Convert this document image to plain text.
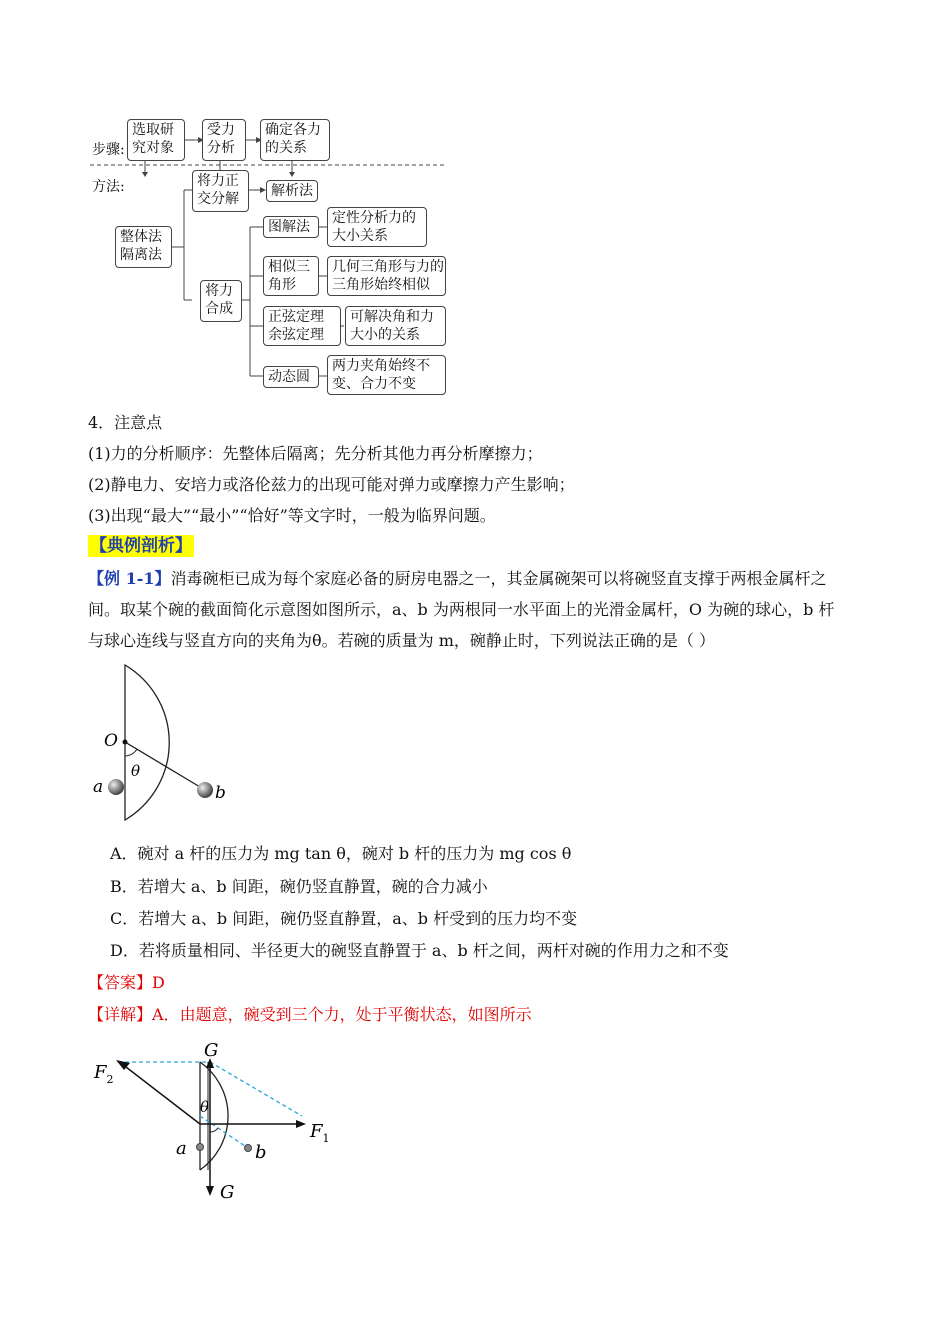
步骤:
方法:
选取研
究对象
受力
分析
确定各力
的关系
整体法
隔离法
将力正
交分解	解析法
将力
合成
图解法
定性分析力的
大小关系
相似三
角形
几何三角形与力的
三角形始终相似
正弦定理
余弦定理
可解决角和力
大小的关系
动态圆
两力夹角始终不
变、合力不变
4．注意点
(1)力的分析顺序：先整体后隔离；先分析其他力再分析摩擦力；
(2)静电力、安培力或洛伦兹力的出现可能对弹力或摩擦力产生影响；
(3)出现“最大”“最小”“恰好”等文字时，一般为临界问题。
【典例剖析】
【例 1-1】消毒碗柜已成为每个家庭必备的厨房电器之一，其金属碗架可以将碗竖直支撑于两根金属杆之
间。取某个碗的截面简化示意图如图所示，a、b 为两根同一水平面上的光滑金属杆，O 为碗的球心，b 杆
与球心连线与竖直方向的夹角为θ。若碗的质量为 m，碗静止时，下列说法正确的是（ ）
O
θ
a	b
A．碗对 a 杆的压力为 mg tan θ，碗对 b 杆的压力为 mg cos θ
B．若增大 a、b 间距，碗仍竖直静置，碗的合力减小
C．若增大 a、b 间距，碗仍竖直静置，a、b 杆受到的压力均不变
D．若将质量相同、半径更大的碗竖直静置于 a、b 杆之间，两杆对碗的作用力之和不变
【答案】D
【详解】A．由题意，碗受到三个力，处于平衡状态，如图所示
G
G
$F_2$
$F_1$
θ
a	b
